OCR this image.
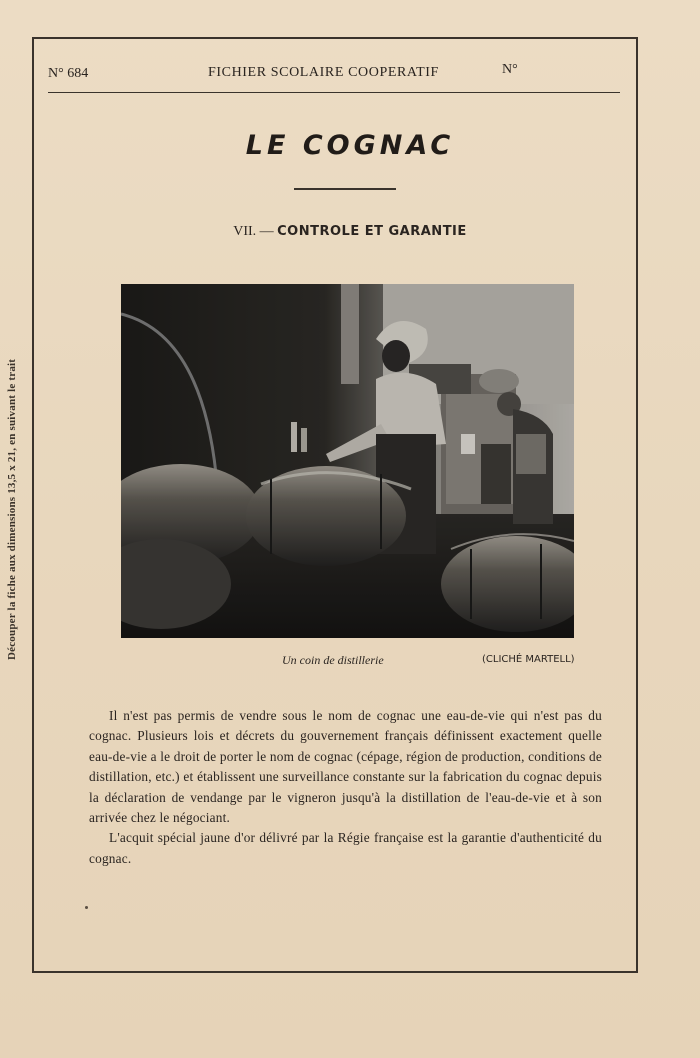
Découper la fiche aux dimensions 13,5 x 21, en suivant le trait
N° 684	FICHIER SCOLAIRE COOPERATIF	N°
LE COGNAC
VII. — CONTROLE ET GARANTIE
Un coin de distillerie	(CLICHÉ MARTELL)

Il n'est pas permis de vendre sous le nom de cognac une eau-de-vie qui n'est pas du cognac. Plusieurs lois et décrets du gouvernement français définissent exactement quelle eau-de-vie a le droit de porter le nom de cognac (cépage, région de production, conditions de distillation, etc.) et établissent une surveillance constante sur la fabrication du cognac depuis la déclaration de vendange par le vigneron jusqu'à la distillation de l'eau-de-vie et à son arrivée chez le négociant.

L'acquit spécial jaune d'or délivré par la Régie française est la garantie d'authenticité du cognac.
